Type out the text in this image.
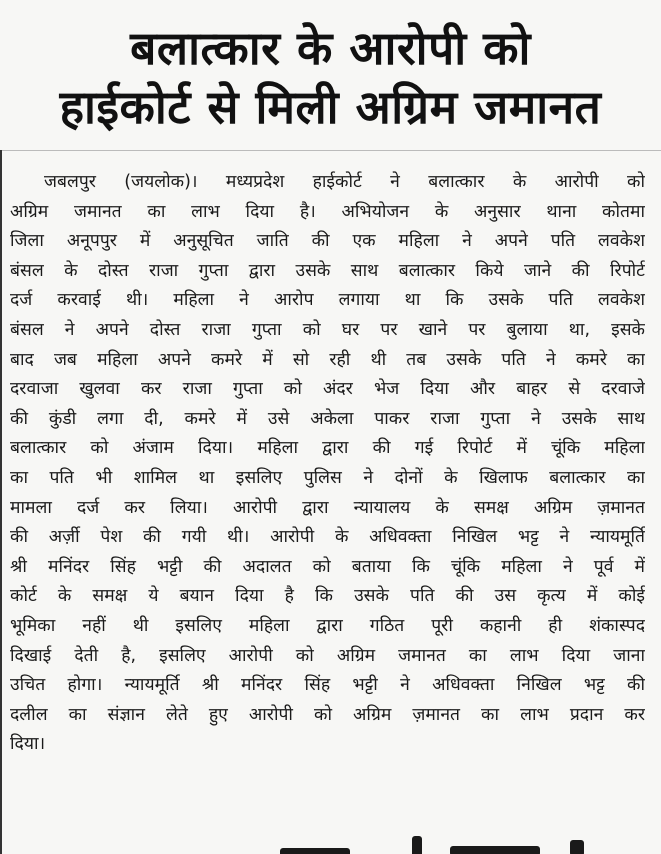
बलात्कार के आरोपी को
हाईकोर्ट से मिली अग्रिम जमानत
जबलपुर (जयलोक)। मध्यप्रदेश हाईकोर्ट ने बलात्कार के आरोपी को
अग्रिम जमानत का लाभ दिया है। अभियोजन के अनुसार थाना कोतमा
जिला अनूपपुर में अनुसूचित जाति की एक महिला ने अपने पति लवकेश
बंसल के दोस्त राजा गुप्ता द्वारा उसके साथ बलात्कार किये जाने की रिपोर्ट
दर्ज करवाई थी। महिला ने आरोप लगाया था कि उसके पति लवकेश
बंसल ने अपने दोस्त राजा गुप्ता को घर पर खाने पर बुलाया था, इसके
बाद जब महिला अपने कमरे में सो रही थी तब उसके पति ने कमरे का
दरवाजा खुलवा कर राजा गुप्ता को अंदर भेज दिया और बाहर से दरवाजे
की कुंडी लगा दी, कमरे में उसे अकेला पाकर राजा गुप्ता ने उसके साथ
बलात्कार को अंजाम दिया। महिला द्वारा की गई रिपोर्ट में चूंकि महिला
का पति भी शामिल था इसलिए पुलिस ने दोनों के खिलाफ बलात्कार का
मामला दर्ज कर लिया। आरोपी द्वारा न्यायालय के समक्ष अग्रिम ज़मानत
की अर्ज़ी पेश की गयी थी। आरोपी के अधिवक्ता निखिल भट्ट ने न्यायमूर्ति
श्री मनिंदर सिंह भट्टी की अदालत को बताया कि चूंकि महिला ने पूर्व में
कोर्ट के समक्ष ये बयान दिया है कि उसके पति की उस कृत्य में कोई
भूमिका नहीं थी इसलिए महिला द्वारा गठित पूरी कहानी ही शंकास्पद
दिखाई देती है, इसलिए आरोपी को अग्रिम जमानत का लाभ दिया जाना
उचित होगा। न्यायमूर्ति श्री मनिंदर सिंह भट्टी ने अधिवक्ता निखिल भट्ट की
दलील का संज्ञान लेते हुए आरोपी को अग्रिम ज़मानत का लाभ प्रदान कर
दिया।
